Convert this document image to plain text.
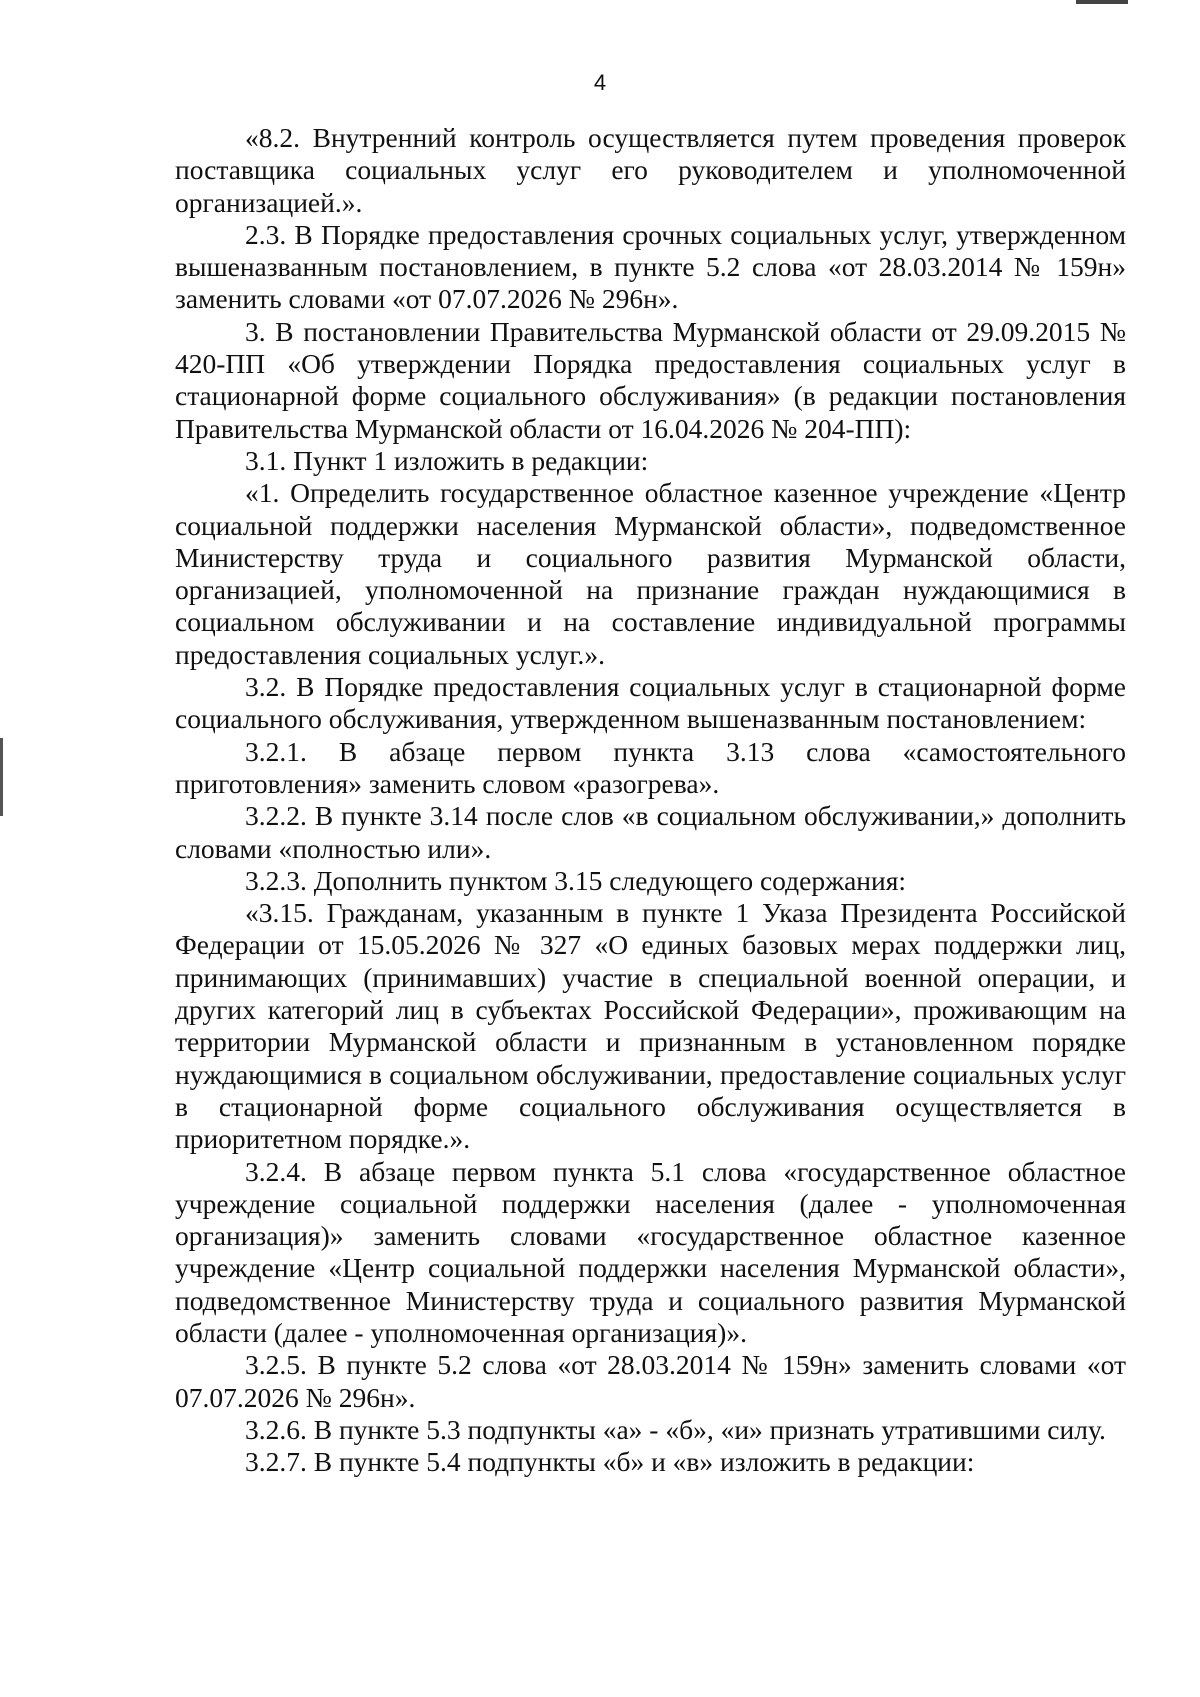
4

«8.2. Внутренний контроль осуществляется путем проведения проверок поставщика социальных услуг его руководителем и уполномоченной организацией.».

2.3. В Порядке предоставления срочных социальных услуг, утвержденном вышеназванным постановлением, в пункте 5.2 слова «от 28.03.2014 № 159н» заменить словами «от 07.07.2026 № 296н».

3. В постановлении Правительства Мурманской области от 29.09.2015 № 420-ПП «Об утверждении Порядка предоставления социальных услуг в стационарной форме социального обслуживания» (в редакции постановления Правительства Мурманской области от 16.04.2026 № 204-ПП):

3.1. Пункт 1 изложить в редакции:

«1. Определить государственное областное казенное учреждение «Центр социальной поддержки населения Мурманской области», подведомственное Министерству труда и социального развития Мурманской области, организацией, уполномоченной на признание граждан нуждающимися в социальном обслуживании и на составление индивидуальной программы предоставления социальных услуг.».

3.2. В Порядке предоставления социальных услуг в стационарной форме социального обслуживания, утвержденном вышеназванным постановлением:

3.2.1. В абзаце первом пункта 3.13 слова «самостоятельного приготовления» заменить словом «разогрева».

3.2.2. В пункте 3.14 после слов «в социальном обслуживании,» дополнить словами «полностью или».

3.2.3. Дополнить пунктом 3.15 следующего содержания:

«3.15. Гражданам, указанным в пункте 1 Указа Президента Российской Федерации от 15.05.2026 № 327 «О единых базовых мерах поддержки лиц, принимающих (принимавших) участие в специальной военной операции, и других категорий лиц в субъектах Российской Федерации», проживающим на территории Мурманской области и признанным в установленном порядке нуждающимися в социальном обслуживании, предоставление социальных услуг в стационарной форме социального обслуживания осуществляется в приоритетном порядке.».

3.2.4. В абзаце первом пункта 5.1 слова «государственное областное учреждение социальной поддержки населения (далее - уполномоченная организация)» заменить словами «государственное областное казенное учреждение «Центр социальной поддержки населения Мурманской области», подведомственное Министерству труда и социального развития Мурманской области (далее - уполномоченная организация)».

3.2.5. В пункте 5.2 слова «от 28.03.2014 № 159н» заменить словами «от 07.07.2026 № 296н».

3.2.6. В пункте 5.3 подпункты «а» - «б», «и» признать утратившими силу.

3.2.7. В пункте 5.4 подпункты «б» и «в» изложить в редакции:
